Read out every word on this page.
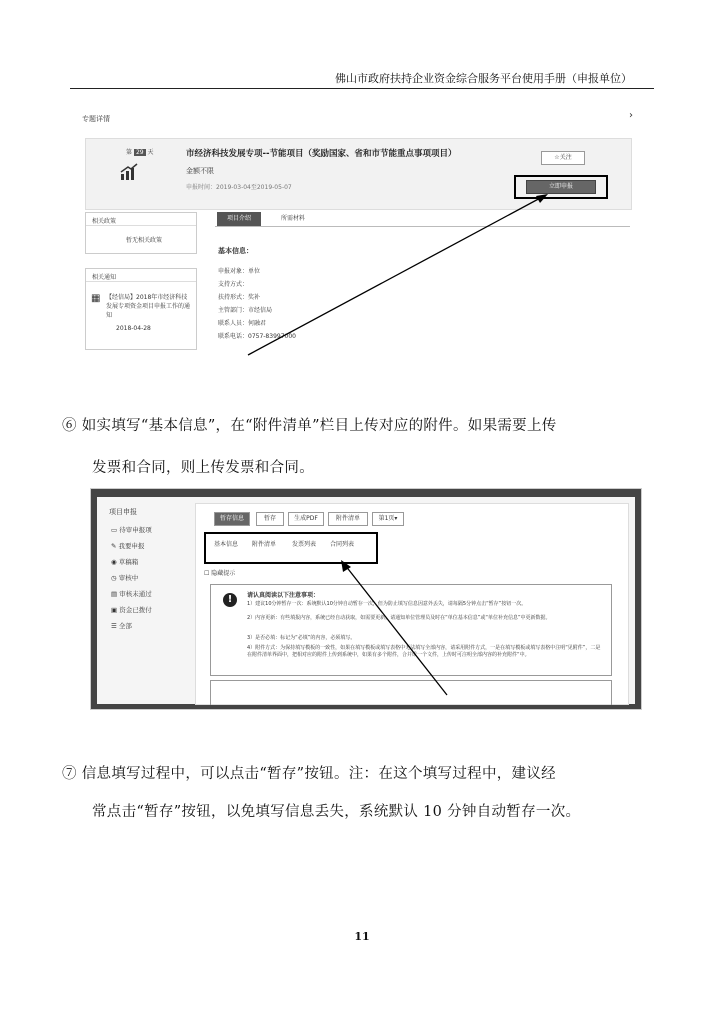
佛山市政府扶持企业资金综合服务平台使用手册（申报单位）
专题详情	›
第 29 天	市经济科技发展专项--节能项目（奖励国家、省和市节能重点事项项目）
金额不限
申报时间：2019-03-04至2019-05-07
☆关注
立即申报
相关政策
暂无相关政策
相关通知
▦ 【经信局】2018年市经济科技发展专项资金项目申报工作的通知
2018-04-28
项目介绍	所需材料
基本信息：
申报对象：单位
支持方式：
扶持形式：奖补
主管部门：市经信局
联系人员：何融君
联系电话：0757-83997000
⑥ 如实填写“基本信息”，在“附件清单”栏目上传对应的附件。如果需要上传
发票和合同，则上传发票和合同。
项目申报
▭ 待审申报项
✎ 我要申报
◉ 草稿箱
◷ 审核中
▤ 审核未通过
▣ 资金已拨付
☰ 全部
暂存信息	暂存	生成PDF	附件清单	第1页▾
基本信息	附件清单	发票列表	合同列表
☐ 隐藏提示
!	请认真阅读以下注意事项：
1）建议10分钟暂存一次：系统默认10分钟自动暂存一次，但为防止填写信息因意外丢失，请每隔5分钟点击“暂存”按钮一次。
2）内容更新：有些填报内容，系统已经自动获取，如需要更新，请通知单位管理员及时在“单位基本信息”或“单位补充信息”中更新数据。
3）是否必填：标记为“必填”的内容，必须填写。
4）附件方式：为保持填写模板的一致性，如果在填写模板或填写表格中无法填写全部内容，请采用附件方式，一是在填写模板或填写表格中注明“见附件”，二是在附件清单界面中，把相对应的附件上传到系统中，如果有多个附件，合并成一个文件，上传时可注明全部内容的补充附件“中。
⑦ 信息填写过程中，可以点击“暂存”按钮。注：在这个填写过程中，建议经
常点击“暂存”按钮，以免填写信息丢失，系统默认 10 分钟自动暂存一次。
11
